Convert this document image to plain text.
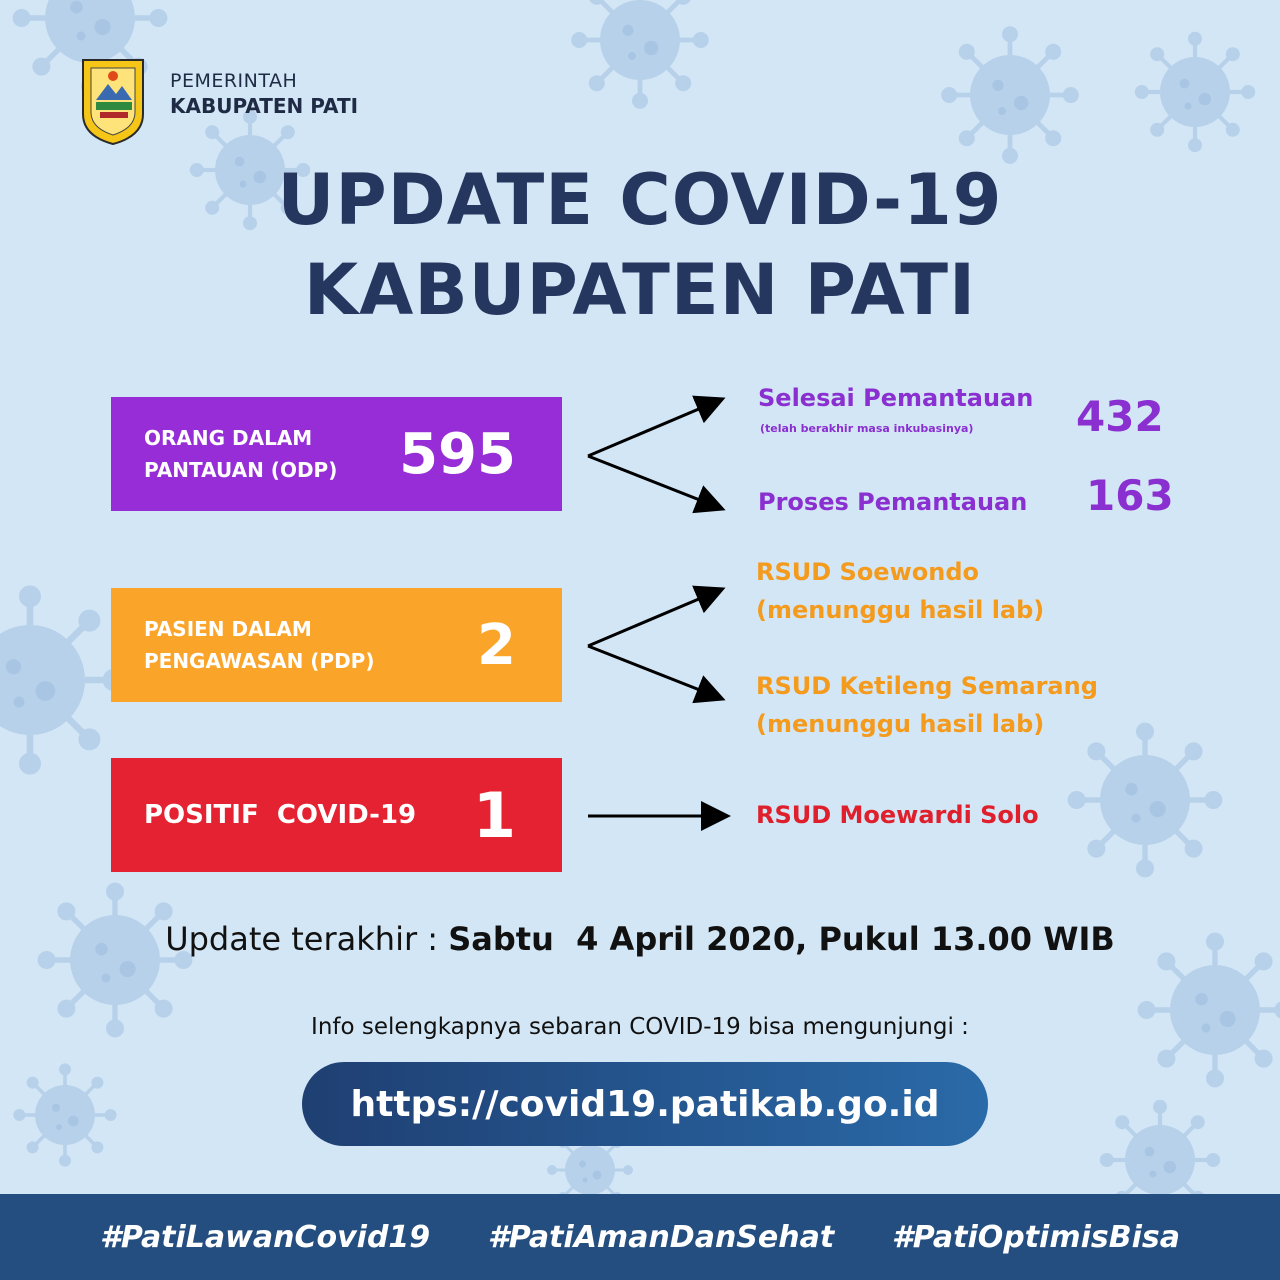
PEMERINTAH
KABUPATEN PATI
UPDATE COVID-19
KABUPATEN PATI
ORANG DALAM
PANTAUAN (ODP)	595
PASIEN DALAM
PENGAWASAN (PDP)	2
POSITIF  COVID-19 1
Selesai Pemantauan
(telah berakhir masa inkubasinya) 432
Proses Pemantauan 163
RSUD Soewondo
(menunggu hasil lab)
RSUD Ketileng Semarang
(menunggu hasil lab)
RSUD Moewardi Solo
Update terakhir : Sabtu  4 April 2020, Pukul 13.00 WIB
Info selengkapnya sebaran COVID-19 bisa mengunjungi :
https://covid19.patikab.go.id
#PatiLawanCovid19 #PatiAmanDanSehat #PatiOptimisBisa
